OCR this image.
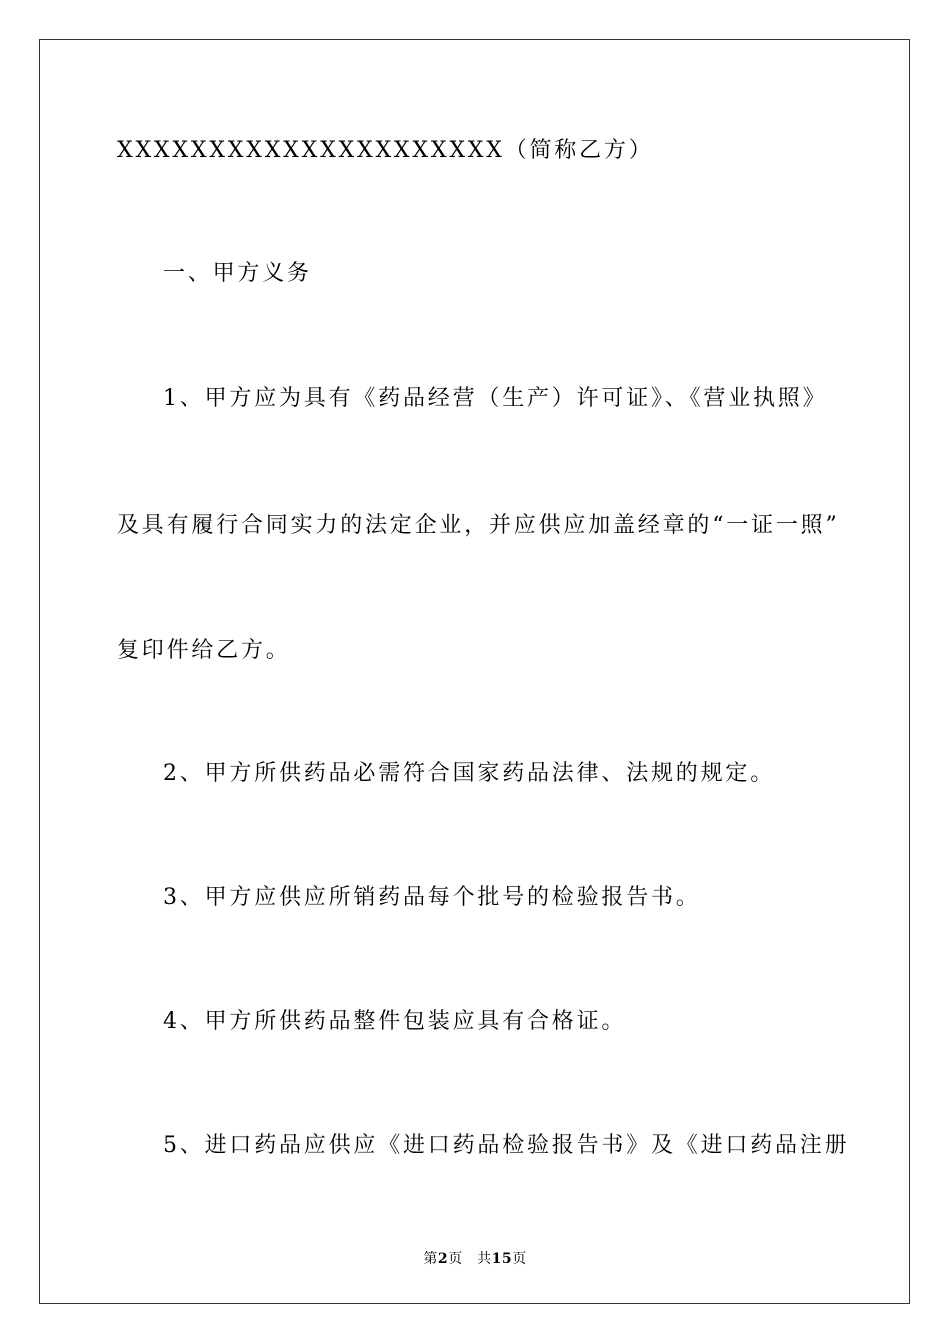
XXXXXXXXXXXXXXXXXXXXX（简称乙方）
一、甲方义务
1、甲方应为具有《药品经营（生产）许可证》、《营业执照》
及具有履行合同实力的法定企业，并应供应加盖经章的“一证一照”
复印件给乙方。
2、甲方所供药品必需符合国家药品法律、法规的规定。
3、甲方应供应所销药品每个批号的检验报告书。
4、甲方所供药品整件包装应具有合格证。
5、进口药品应供应《进口药品检验报告书》及《进口药品注册
第2页　共15页
